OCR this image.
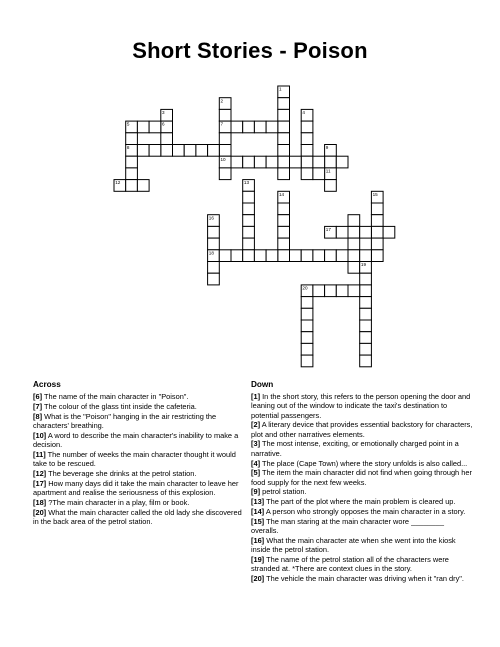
Short Stories - Poison
1
2
7
10
3
6
4
5
8	9
11
13
14	15
16
18
19
20
12
17
Across
[6] The name of the main character in "Poison".
[7] The colour of the glass tint inside the cafeteria.
[8] What is the "Poison" hanging in the air restricting the characters' breathing.
[10] A word to describe the main character's inability to make a decision.
[11] The number of weeks the main character thought it would take to be rescued.
[12] The beverage she drinks at the petrol station.
[17] How many days did it take the main character to leave her apartment and realise the seriousness of this explosion.
[18] ?The main character in a play, film or book.
[20] What the main character called the old lady she discovered in the back area of the petrol station.
Down
[1] In the short story, this refers to the person opening the door and leaning out of the window to indicate the taxi's destination to potential passengers.
[2] A literary device that provides essential backstory for characters, plot and other narratives elements.
[3] The most intense, exciting, or emotionally charged point in a narrative.
[4] The place (Cape Town) where the story unfolds is also called...
[5] The item the main character did not find when going through her food supply for the next few weeks.
[9] petrol station.
[13] The part of the plot where the main problem is cleared up.
[14] A person who strongly opposes the main character in a story.
[15] The man staring at the main character wore ________ overalls.
[16] What the main character ate when she went into the kiosk inside the petrol station.
[19] The name of the petrol station all of the characters were stranded at. *There are context clues in the story.
[20] The vehicle the main character was driving when it "ran dry".
